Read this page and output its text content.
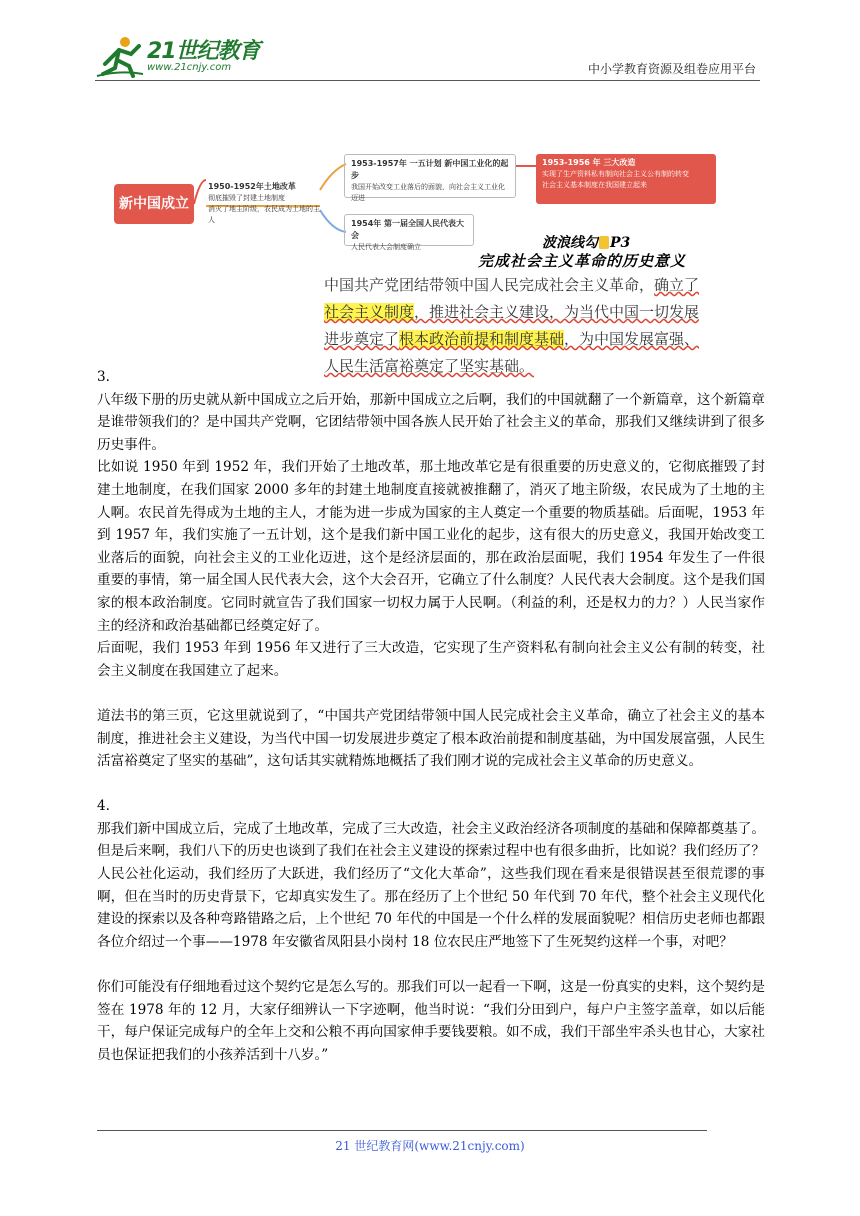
21世纪教育
www.21cnjy.com	中小学教育资源及组卷应用平台
新中国成立
1950-1952年土地改革
彻底摧毁了封建土地制度
消灭了地主阶级，农民成为土地的主人
1953-1957年 一五计划 新中国工业化的起步
我国开始改变工业落后的面貌，向社会主义工业化迈进
1954年 第一届全国人民代表大会
人民代表大会制度确立
1953-1956 年 三大改造
实现了生产资料私有制向社会主义公有制的转变
社会主义基本制度在我国建立起来
波浪线勾 P3
完成社会主义革命的历史意义
中国共产党团结带领中国人民完成社会主义革命，确立了社会主义制度，推进社会主义建设，为当代中国一切发展进步奠定了根本政治前提和制度基础，为中国发展富强、人民生活富裕奠定了坚实基础。

3.

八年级下册的历史就从新中国成立之后开始，那新中国成立之后啊，我们的中国就翻了一个新篇章，这个新篇章是谁带领我们的？是中国共产党啊，它团结带领中国各族人民开始了社会主义的革命，那我们又继续讲到了很多历史事件。

比如说 1950 年到 1952 年，我们开始了土地改革，那土地改革它是有很重要的历史意义的，它彻底摧毁了封建土地制度，在我们国家 2000 多年的封建土地制度直接就被推翻了，消灭了地主阶级，农民成为了土地的主人啊。农民首先得成为土地的主人，才能为进一步成为国家的主人奠定一个重要的物质基础。后面呢，1953 年到 1957 年，我们实施了一五计划，这个是我们新中国工业化的起步，这有很大的历史意义，我国开始改变工业落后的面貌，向社会主义的工业化迈进，这个是经济层面的，那在政治层面呢，我们 1954 年发生了一件很重要的事情，第一届全国人民代表大会，这个大会召开，它确立了什么制度？人民代表大会制度。这个是我们国家的根本政治制度。它同时就宣告了我们国家一切权力属于人民啊。（利益的利，还是权力的力？）人民当家作主的经济和政治基础都已经奠定好了。

后面呢，我们 1953 年到 1956 年又进行了三大改造，它实现了生产资料私有制向社会主义公有制的转变，社会主义制度在我国建立了起来。

道法书的第三页，它这里就说到了，“中国共产党团结带领中国人民完成社会主义革命，确立了社会主义的基本制度，推进社会主义建设，为当代中国一切发展进步奠定了根本政治前提和制度基础，为中国发展富强，人民生活富裕奠定了坚实的基础”，这句话其实就精炼地概括了我们刚才说的完成社会主义革命的历史意义。

4.

那我们新中国成立后，完成了土地改革，完成了三大改造，社会主义政治经济各项制度的基础和保障都奠基了。但是后来啊，我们八下的历史也谈到了我们在社会主义建设的探索过程中也有很多曲折，比如说？我们经历了？人民公社化运动，我们经历了大跃进，我们经历了“文化大革命”，这些我们现在看来是很错误甚至很荒谬的事啊，但在当时的历史背景下，它却真实发生了。那在经历了上个世纪 50 年代到 70 年代，整个社会主义现代化建设的探索以及各种弯路错路之后，上个世纪 70 年代的中国是一个什么样的发展面貌呢？相信历史老师也都跟各位介绍过一个事——1978 年安徽省凤阳县小岗村 18 位农民庄严地签下了生死契约这样一个事，对吧？

你们可能没有仔细地看过这个契约它是怎么写的。那我们可以一起看一下啊，这是一份真实的史料，这个契约是签在 1978 年的 12 月，大家仔细辨认一下字迹啊，他当时说：“我们分田到户，每户户主签字盖章，如以后能干，每户保证完成每户的全年上交和公粮不再向国家伸手要钱要粮。如不成，我们干部坐牢杀头也甘心，大家社员也保证把我们的小孩养活到十八岁。”

21 世纪教育网(www.21cnjy.com)
